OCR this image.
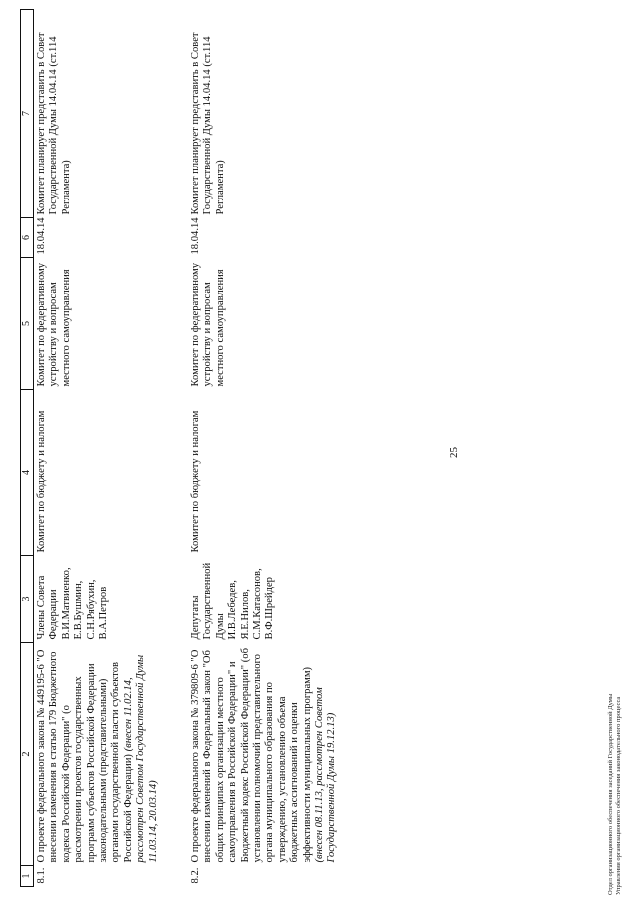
25
1	2	3	4	5	6	7
8.1.	О проекте федерального закона № 449195-6 "О внесении изменения в статью 179 Бюджетного кодекса Российской Федерации" (о рассмотрении проектов государственных программ субъектов Российской Федерации законодательными (представительными) органами государственной власти субъектов Российской Федерации) (внесен 11.02.14, рассмотрен Советом Государственной Думы 11.03.14, 20.03.14)	Члены Совета Федерации В.И.Матвиенко, Е.В.Бушмин, С.Н.Рябухин, В.А.Петров	Комитет по бюджету и налогам	Комитет по федеративному устройству и вопросам местного самоуправления	18.04.14	Комитет планирует представить в Совет Государственной Думы 14.04.14 (ст.114 Регламента)
8.2.	О проекте федерального закона № 379809-6 "О внесении изменений в Федеральный закон "Об общих принципах организации местного самоуправления в Российской Федерации" и Бюджетный кодекс Российской Федерации" (об установлении полномочий представительного органа муниципального образования по утверждению, установлению объема бюджетных ассигнований и оценки эффективности муниципальных программ) (внесен 08.11.13, рассмотрен Советом Государственной Думы 19.12.13)	Депутаты Государственной Думы И.В.Лебедев, Я.Е.Нилов, С.М.Катасонов, В.Ф.Шрейдер	Комитет по бюджету и налогам	Комитет по федеративному устройству и вопросам местного самоуправления	18.04.14	Комитет планирует представить в Совет Государственной Думы 14.04.14 (ст.114 Регламента)
Отдел организационного обеспечения заседаний Государственной Думы Управления организационного обеспечения законодательного процесса
